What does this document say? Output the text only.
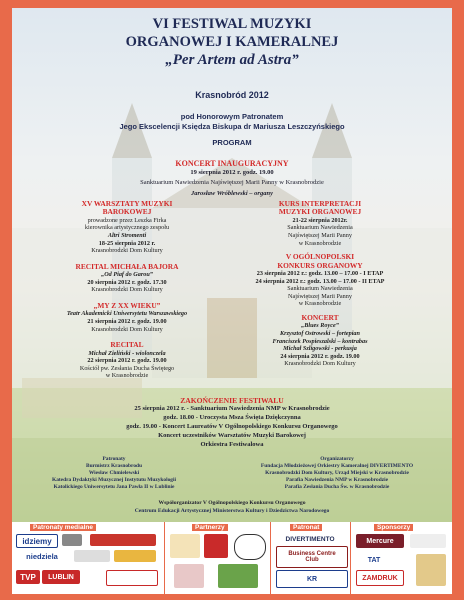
VI FESTIWAL MUZYKI
ORGANOWEJ I KAMERALNEJ
„Per Artem ad Astra”
Krasnobród 2012
pod Honorowym Patronatem
Jego Ekscelencji Księdza Biskupa dr Mariusza Leszczyńskiego
PROGRAM
KONCERT INAUGURACYJNY
19 sierpnia 2012 r. godz. 19.00
Sanktuarium Nawiedzenia Najświętszej Marii Panny w Krasnobrodzie
Jarosław Wróblewski – organy
XV WARSZTATY MUZYKI
BAROKOWEJ
prowadzone przez Leszka Firka
kierownika artystycznego zespołu
Altri Stromenti
18-25 sierpnia 2012 r.
Krasnobrodzki Dom Kultury
RECITAL MICHAŁA BAJORA
„Od Piaf do Garou”
20 sierpnia 2012 r. godz. 17.30
Krasnobrodzki Dom Kultury
„MY Z XX WIEKU”
Teatr Akademicki Uniwersytetu Warszawskiego
21 sierpnia 2012 r. godz. 19.00
Krasnobrodzki Dom Kultury
RECITAL
Michał Zieliński - wiolonczela
22 sierpnia 2012 r. godz. 19.00
Kościół pw. Zesłania Ducha Świętego
w Krasnobrodzie
KURS INTERPRETACJI
MUZYKI ORGANOWEJ
21-22 sierpnia 2012r.
Sanktuarium Nawiedzenia
Najświętszej Marii Panny
w Krasnobrodzie
V OGÓLNOPOLSKI
KONKURS ORGANOWY
23 sierpnia 2012 r.: godz. 13.00 – 17.00 - I ETAP
24 sierpnia 2012 r.: godz. 13.00 – 17.00 - II ETAP
Sanktuarium Nawiedzenia
Najświętszej Marii Panny
w Krasnobrodzie
KONCERT
„Blues Royce”
Krzysztof Ostrowski – fortepian
Franciszek Pospieszalski – kontrabas
Michał Szligowski - perkusja
24 sierpnia 2012 r. godz. 19.00
Krasnobrodzki Dom Kultury
ZAKOŃCZENIE FESTIWALU
25 sierpnia 2012 r. - Sanktuarium Nawiedzenia NMP w Krasnobrodzie
godz. 18.00 - Uroczysta Msza Święta Dziękczynna
godz. 19.00 - Koncert Laureatów V Ogólnopolskiego Konkursu Organowego
Koncert uczestników Warsztatów Muzyki Barokowej
Orkiestra Festiwalowa
Patronaty
Burmistrz Krasnobrodu
Wiesław Chmielewski
Katedra Dydaktyki Muzycznej Instytutu Muzykologii
Katolickiego Uniwersytetu Jana Pawła II w Lublinie
Organizatorzy
Fundacja Młodzieżowej Orkiestry Kameralnej DIVERTIMENTO
Krasnobrodzki Dom Kultury, Urząd Miejski w Krasnobrodzie
Parafia Nawiedzenia NMP w Krasnobrodzie
Parafia Zesłania Ducha Św. w Krasnobrodzie
Współorganizator V Ogólnopolskiego Konkursu Organowego
Centrum Edukacji Artystycznej Ministerstwa Kultury i Dziedzictwa Narodowego
Patronaty medialne	Partnerzy	Patronat	Sponsorzy
idziemy
niedziela
TVP	LUBLIN
DIVERTIMENTO
Business Centre
Club
KR
Mercure
TAT
ZAMDRUK
